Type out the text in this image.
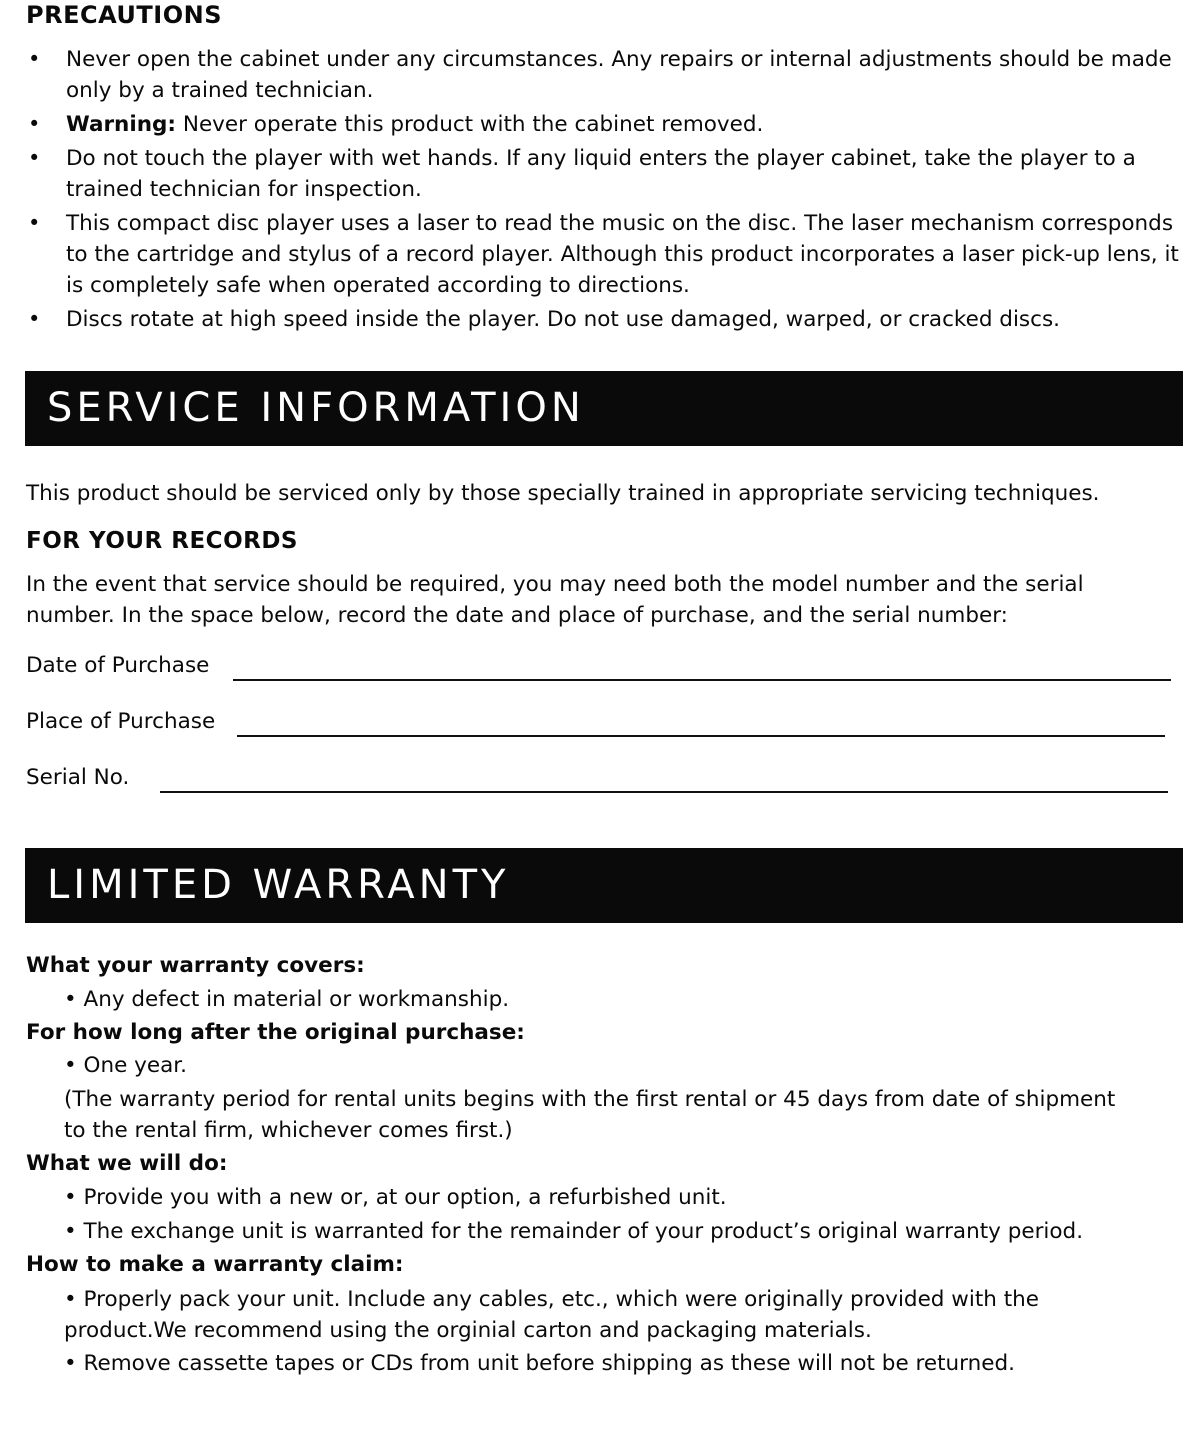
PRECAUTIONS
• Never open the cabinet under any circumstances. Any repairs or internal adjustments should be made only by a trained technician.
• Warning: Never operate this product with the cabinet removed.
• Do not touch the player with wet hands. If any liquid enters the player cabinet, take the player to a trained technician for inspection.
• This compact disc player uses a laser to read the music on the disc. The laser mechanism corresponds to the cartridge and stylus of a record player. Although this product incorporates a laser pick-up lens, it is completely safe when operated according to directions.
• Discs rotate at high speed inside the player. Do not use damaged, warped, or cracked discs.
SERVICE INFORMATION

This product should be serviced only by those specially trained in appropriate servicing techniques.

FOR YOUR RECORDS

In the event that service should be required, you may need both the model number and the serial number. In the space below, record the date and place of purchase, and the serial number:

Date of Purchase
Place of Purchase
Serial No.
LIMITED WARRANTY
What your warranty covers:
• Any defect in material or workmanship.
For how long after the original purchase:
• One year.
(The warranty period for rental units begins with the first rental or 45 days from date of shipment to the rental firm, whichever comes first.)
What we will do:
• Provide you with a new or, at our option, a refurbished unit.
• The exchange unit is warranted for the remainder of your product’s original warranty period.
How to make a warranty claim:
• Properly pack your unit. Include any cables, etc., which were originally provided with the product.We recommend using the orginial carton and packaging materials.
• Remove cassette tapes or CDs from unit before shipping as these will not be returned.
